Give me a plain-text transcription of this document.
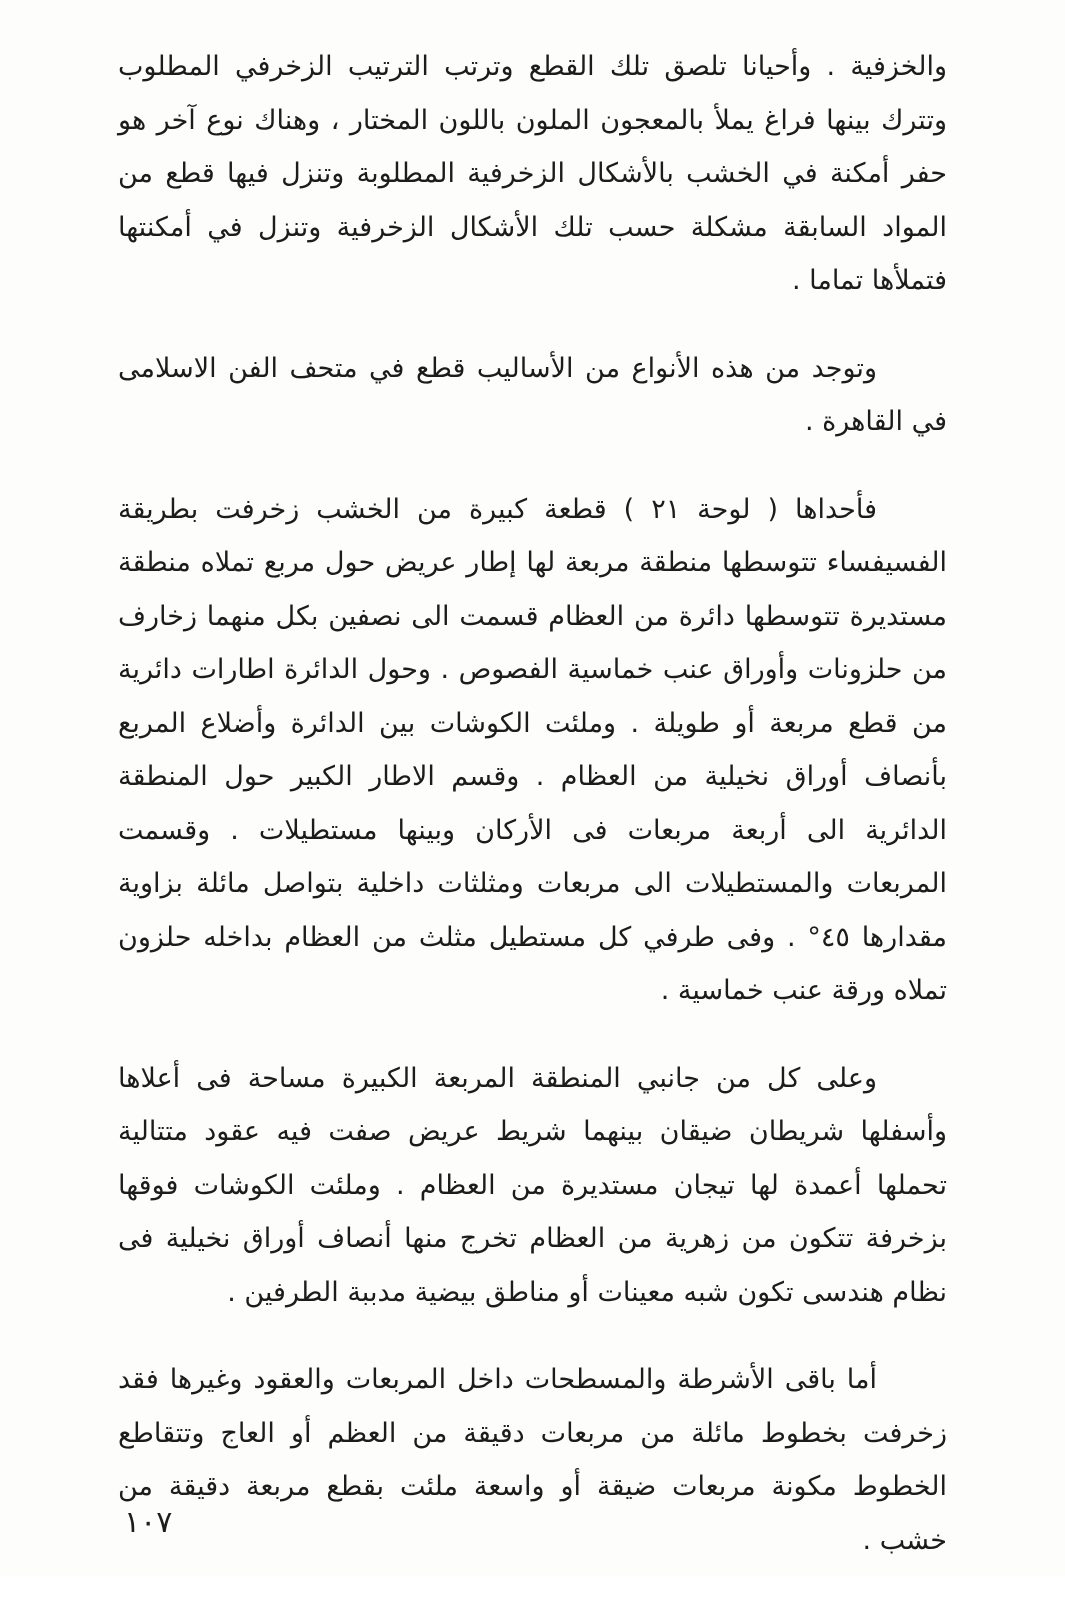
والخزفية . وأحيانا تلصق تلك القطع وترتب الترتيب الزخرفي المطلوب وتترك بينها فراغ يملأ بالمعجون الملون باللون المختار ، وهناك نوع آخر هو حفر أمكنة في الخشب بالأشكال الزخرفية المطلوبة وتنزل فيها قطع من المواد السابقة مشكلة حسب تلك الأشكال الزخرفية وتنزل في أمكنتها فتملأها تماما .

وتوجد من هذه الأنواع من الأساليب قطع في متحف الفن الاسلامى في القاهرة .

فأحداها ( لوحة ٢١ ) قطعة كبيرة من الخشب زخرفت بطريقة الفسيفساء تتوسطها منطقة مربعة لها إطار عريض حول مربع تملاه منطقة مستديرة تتوسطها دائرة من العظام قسمت الى نصفين بكل منهما زخارف من حلزونات وأوراق عنب خماسية الفصوص . وحول الدائرة اطارات دائرية من قطع مربعة أو طويلة . وملئت الكوشات بين الدائرة وأضلاع المربع بأنصاف أوراق نخيلية من العظام . وقسم الاطار الكبير حول المنطقة الدائرية الى أربعة مربعات فى الأركان وبينها مستطيلات . وقسمت المربعات والمستطيلات الى مربعات ومثلثات داخلية بتواصل مائلة بزاوية مقدارها ٤٥° . وفى طرفي كل مستطيل مثلث من العظام بداخله حلزون تملاه ورقة عنب خماسية .

وعلى كل من جانبي المنطقة المربعة الكبيرة مساحة فى أعلاها وأسفلها شريطان ضيقان بينهما شريط عريض صفت فيه عقود متتالية تحملها أعمدة لها تيجان مستديرة من العظام . وملئت الكوشات فوقها بزخرفة تتكون من زهرية من العظام تخرج منها أنصاف أوراق نخيلية فى نظام هندسى تكون شبه معينات أو مناطق بيضية مدببة الطرفين .

أما باقى الأشرطة والمسطحات داخل المربعات والعقود وغيرها فقد زخرفت بخطوط مائلة من مربعات دقيقة من العظم أو العاج وتتقاطع الخطوط مكونة مربعات ضيقة أو واسعة ملئت بقطع مربعة دقيقة من خشب .

١٠٧
